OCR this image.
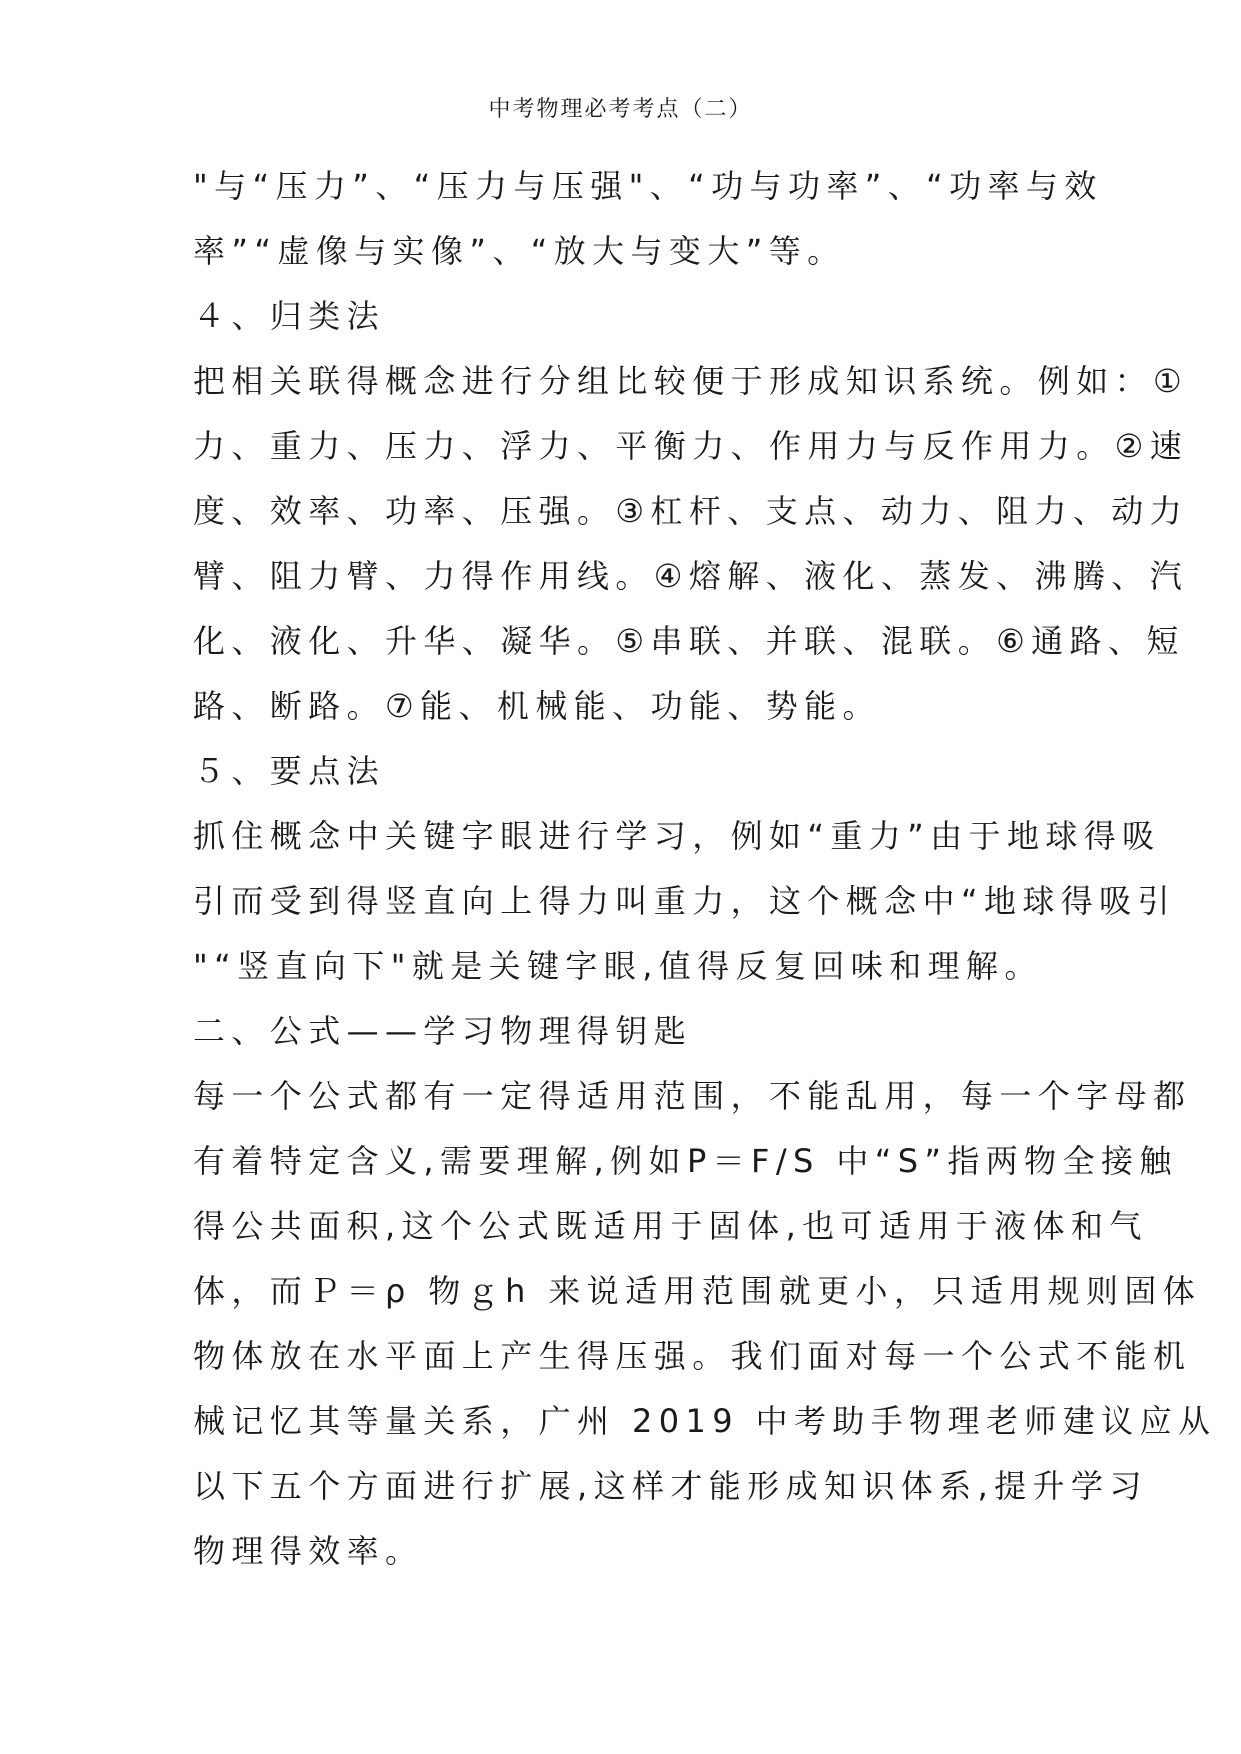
中考物理必考考点（二）
"与“压力”、“压力与压强"、“功与功率”、“功率与效
率”“虚像与实像”、“放大与变大”等。
４、归类法
把相关联得概念进行分组比较便于形成知识系统。例如：①
力、重力、压力、浮力、平衡力、作用力与反作用力。②速
度、效率、功率、压强。③杠杆、支点、动力、阻力、动力
臂、阻力臂、力得作用线。④熔解、液化、蒸发、沸腾、汽
化、液化、升华、凝华。⑤串联、并联、混联。⑥通路、短
路、断路。⑦能、机械能、功能、势能。
５、要点法
抓住概念中关键字眼进行学习，例如“重力”由于地球得吸
引而受到得竖直向上得力叫重力，这个概念中“地球得吸引
"“竖直向下"就是关键字眼,值得反复回味和理解。
二、公式——学习物理得钥匙
每一个公式都有一定得适用范围，不能乱用，每一个字母都
有着特定含义,需要理解,例如P＝F/S 中“S”指两物全接触
得公共面积,这个公式既适用于固体,也可适用于液体和气
体，而Ｐ＝ρ 物ｇh 来说适用范围就更小，只适用规则固体
物体放在水平面上产生得压强。我们面对每一个公式不能机
械记忆其等量关系，广州 2019 中考助手物理老师建议应从
以下五个方面进行扩展,这样才能形成知识体系,提升学习
物理得效率。
